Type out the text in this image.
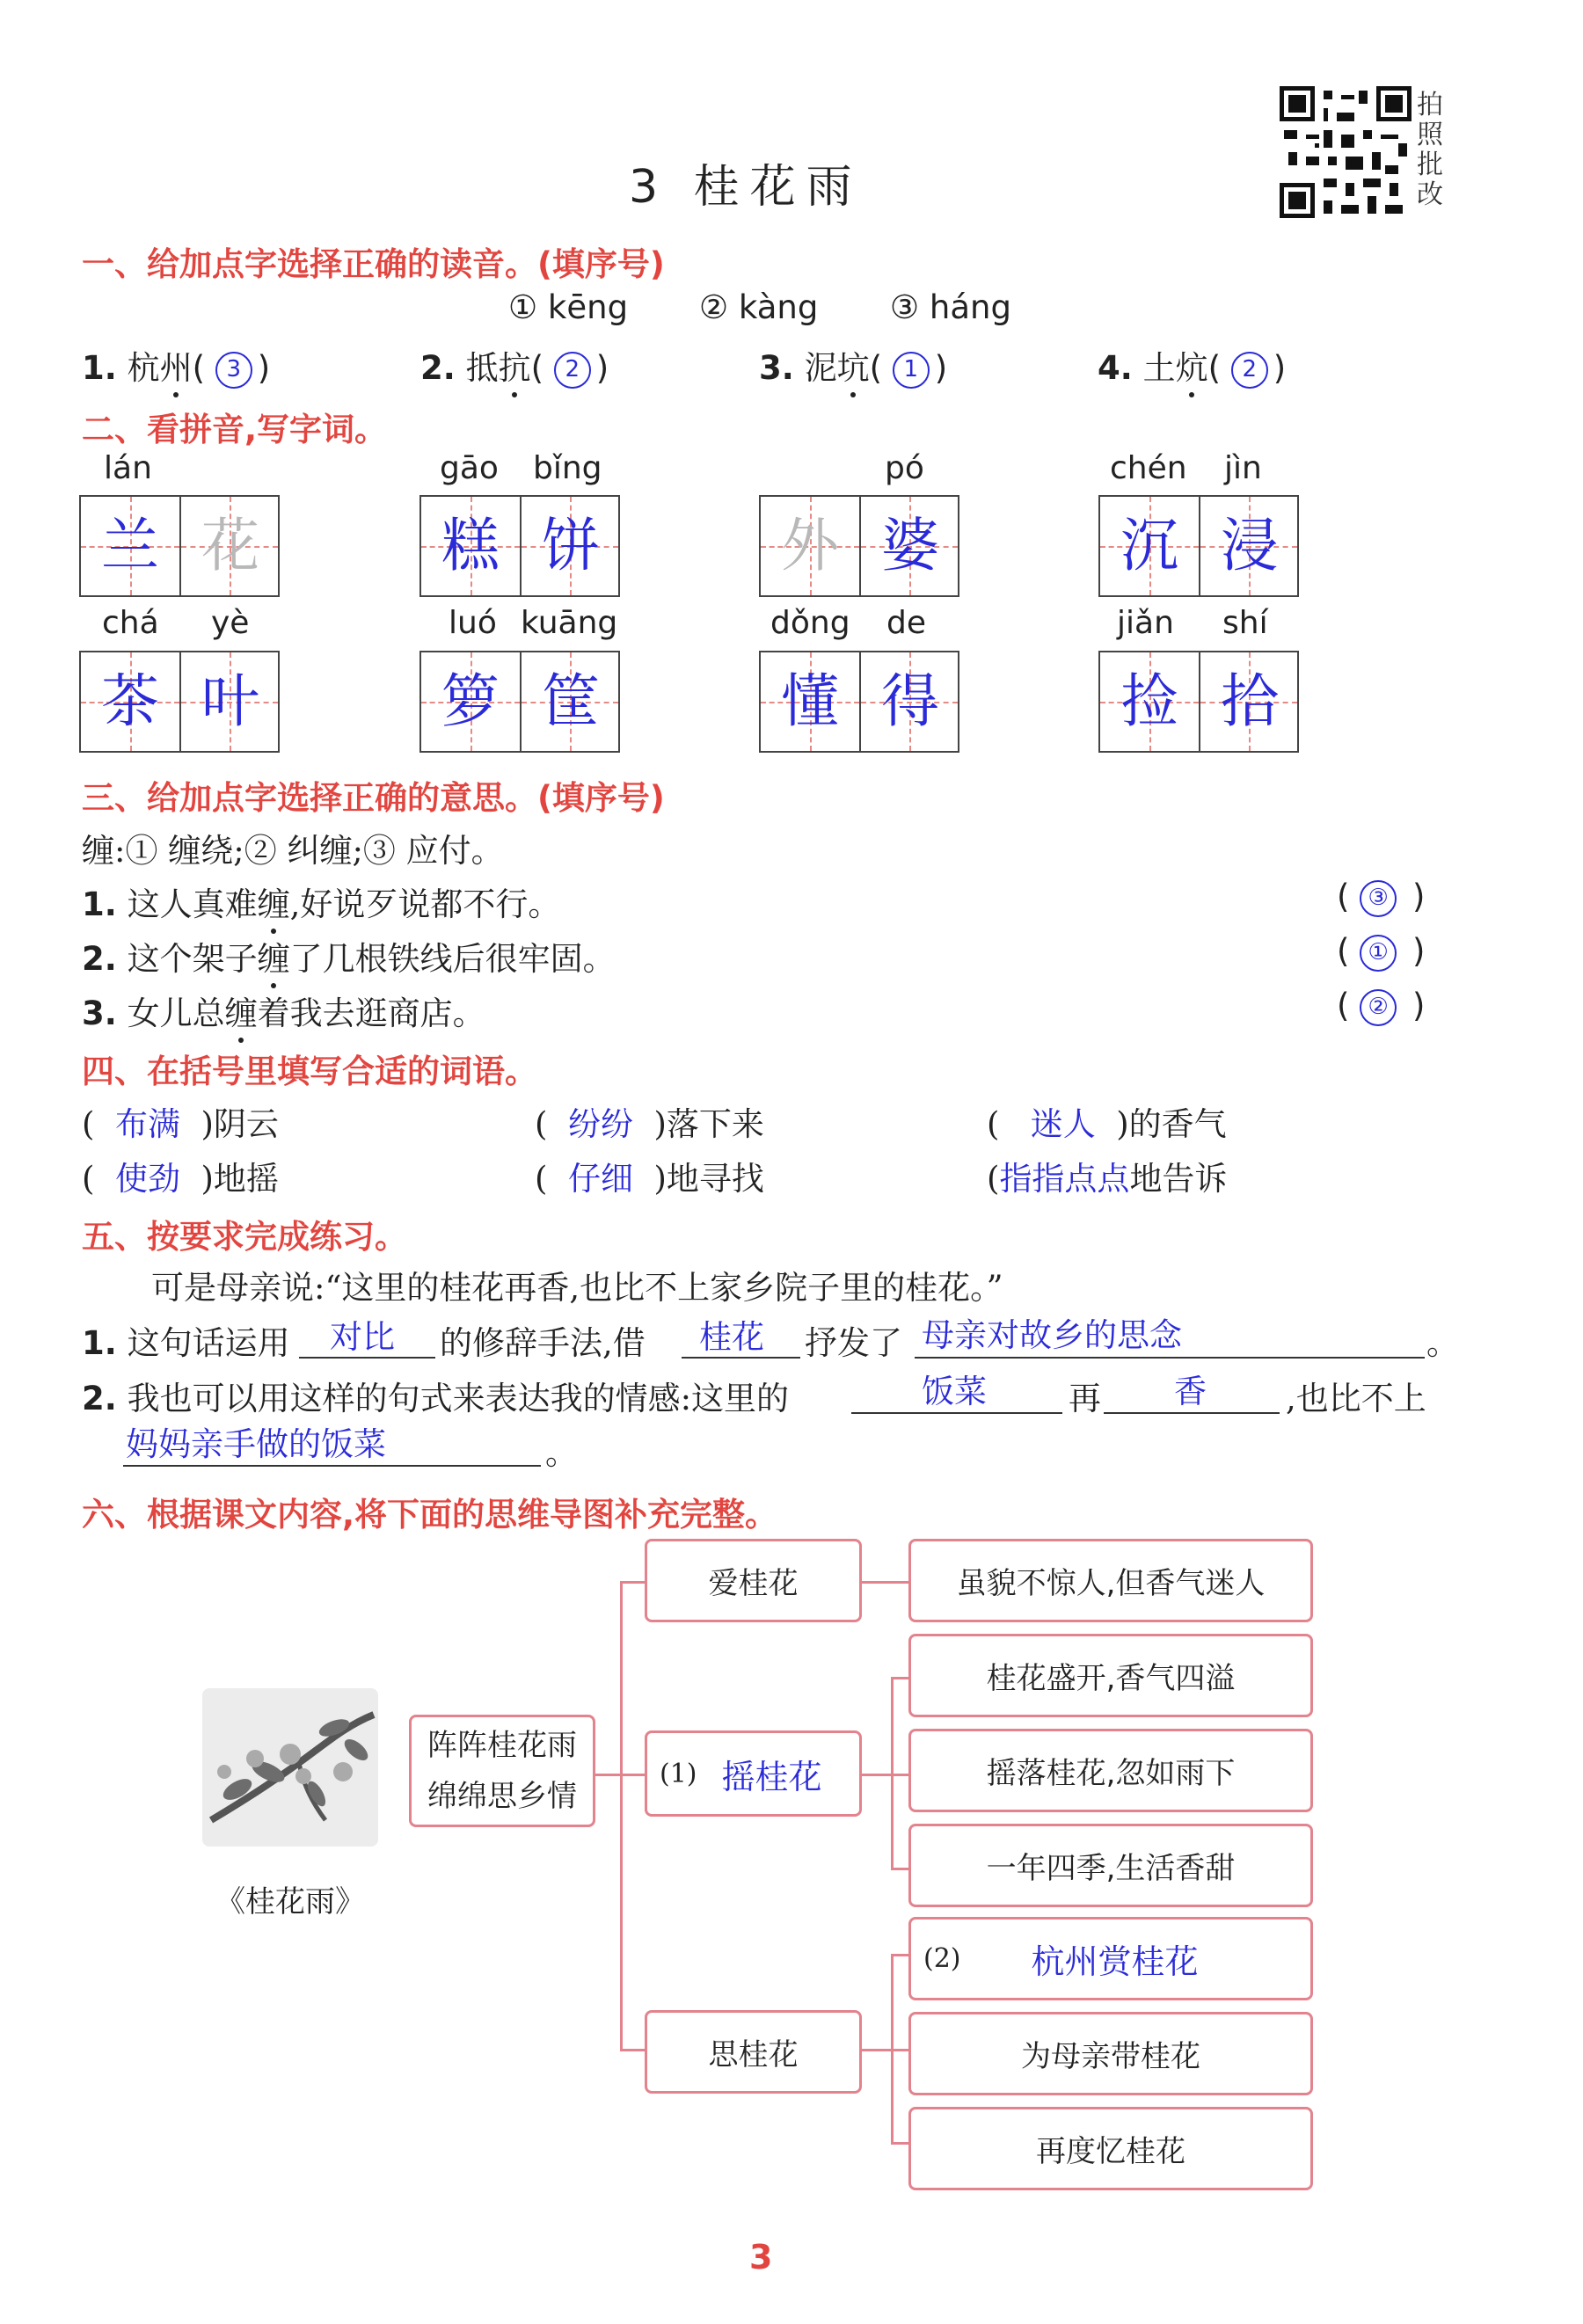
3 桂花雨
拍
照
批
改
一、给加点字选择正确的读音。(填序号)
① kēng ② kàng ③ háng
1. 杭州( 3 )	2. 抵抗( 2 )	3. 泥坑( 1 )	4. 土炕( 2 )
二、看拼音,写字词。
lán	gāo bǐng	pó	chén jìn
兰 花	糕 饼	外 婆	沉 浸
chá yè	luó kuāng	dǒng de	jiǎn shí
茶 叶	箩 筐	懂 得	捡 拾
三、给加点字选择正确的意思。(填序号)
缠:① 缠绕;② 纠缠;③ 应付。
1. 这人真难缠,好说歹说都不行。	( ③ )
2. 这个架子缠了几根铁线后很牢固。	( ① )
3. 女儿总缠着我去逛商店。	( ② )
四、在括号里填写合适的词语。
(  布满 )阴云	(  纷纷 )落下来	(   迷人 )的香气
(  使劲 )地摇	(  仔细 )地寻找	(指指点点地告诉
五、按要求完成练习。
可是母亲说:“这里的桂花再香,也比不上家乡院子里的桂花。”
1. 这句话运用 对比 的修辞手法,借 桂花 抒发了 母亲对故乡的思念	。
2. 我也可以用这样的句式来表达我的情感:这里的	饭菜	再 香 ,也比不上
妈妈亲手做的饭菜	。
六、根据课文内容,将下面的思维导图补充完整。
《桂花雨》
阵阵桂花雨
绵绵思乡情
爱桂花
(1) 摇桂花
思桂花
虽貌不惊人,但香气迷人
桂花盛开,香气四溢
摇落桂花,忽如雨下
一年四季,生活香甜
(2) 杭州赏桂花
为母亲带桂花
再度忆桂花
3
